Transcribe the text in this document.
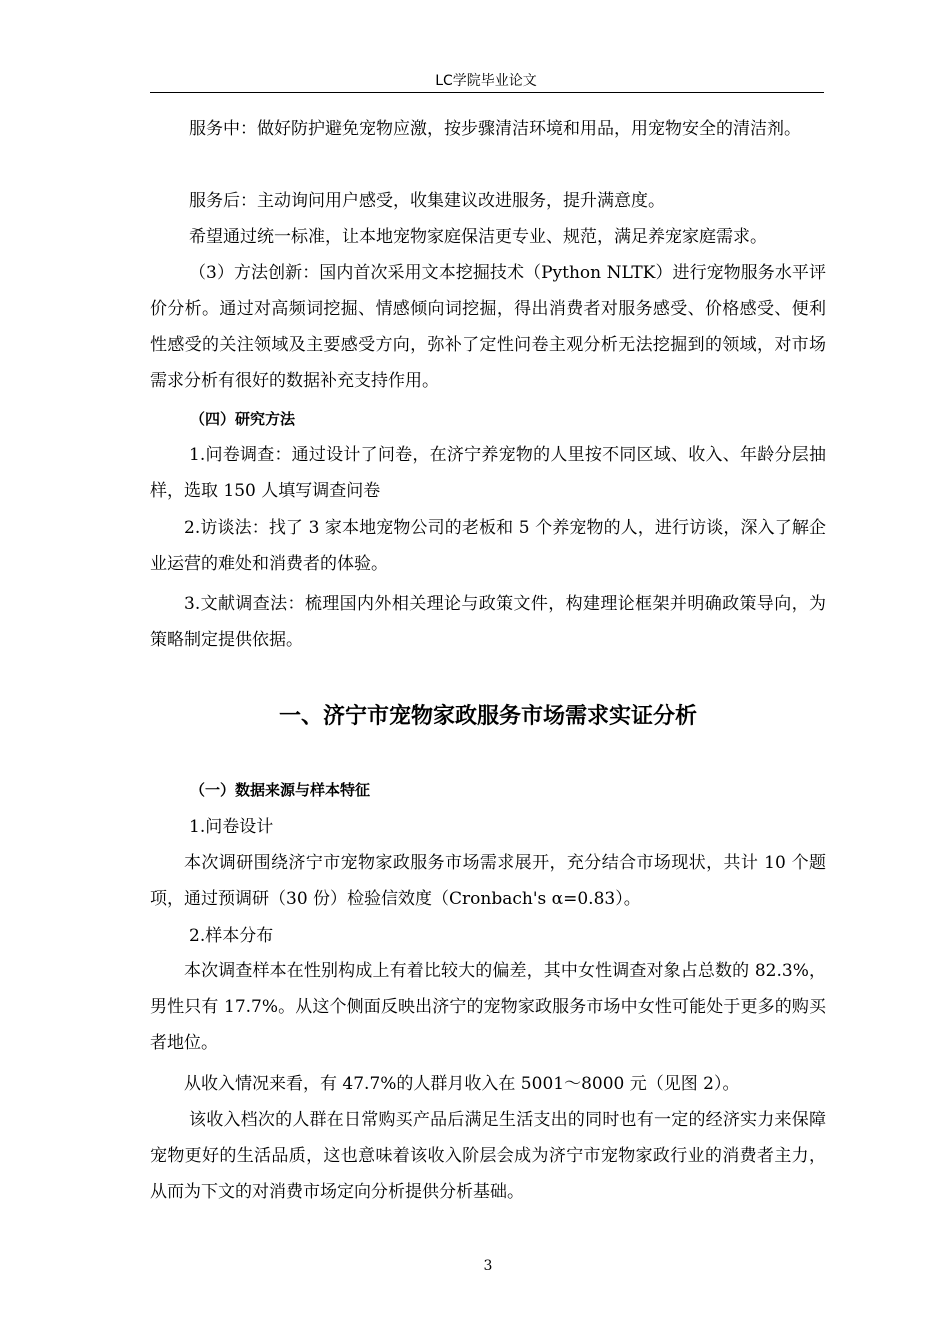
LC学院毕业论文

服务中：做好防护避免宠物应激，按步骤清洁环境和用品，用宠物安全的清洁剂。

服务后：主动询问用户感受，收集建议改进服务，提升满意度。

希望通过统一标准，让本地宠物家庭保洁更专业、规范，满足养宠家庭需求。

（3）方法创新：国内首次采用文本挖掘技术（Python NLTK）进行宠物服务水平评价分析。通过对高频词挖掘、情感倾向词挖掘，得出消费者对服务感受、价格感受、便利性感受的关注领域及主要感受方向，弥补了定性问卷主观分析无法挖掘到的领域，对市场需求分析有很好的数据补充支持作用。

（四）研究方法

1.问卷调查：通过设计了问卷，在济宁养宠物的人里按不同区域、收入、年龄分层抽样，选取 150 人填写调查问卷

2.访谈法：找了 3 家本地宠物公司的老板和 5 个养宠物的人，进行访谈，深入了解企业运营的难处和消费者的体验。

3.文献调查法：梳理国内外相关理论与政策文件，构建理论框架并明确政策导向，为策略制定提供依据。

一、济宁市宠物家政服务市场需求实证分析
（一）数据来源与样本特征

1.问卷设计

本次调研围绕济宁市宠物家政服务市场需求展开，充分结合市场现状，共计 10 个题项，通过预调研（30 份）检验信效度（Cronbach's α=0.83）。

2.样本分布

本次调查样本在性别构成上有着比较大的偏差，其中女性调查对象占总数的 82.3%，男性只有 17.7%。从这个侧面反映出济宁的宠物家政服务市场中女性可能处于更多的购买者地位。

从收入情况来看，有 47.7%的人群月收入在 5001～8000 元（见图 2）。

该收入档次的人群在日常购买产品后满足生活支出的同时也有一定的经济实力来保障宠物更好的生活品质，这也意味着该收入阶层会成为济宁市宠物家政行业的消费者主力，从而为下文的对消费市场定向分析提供分析基础。

3
